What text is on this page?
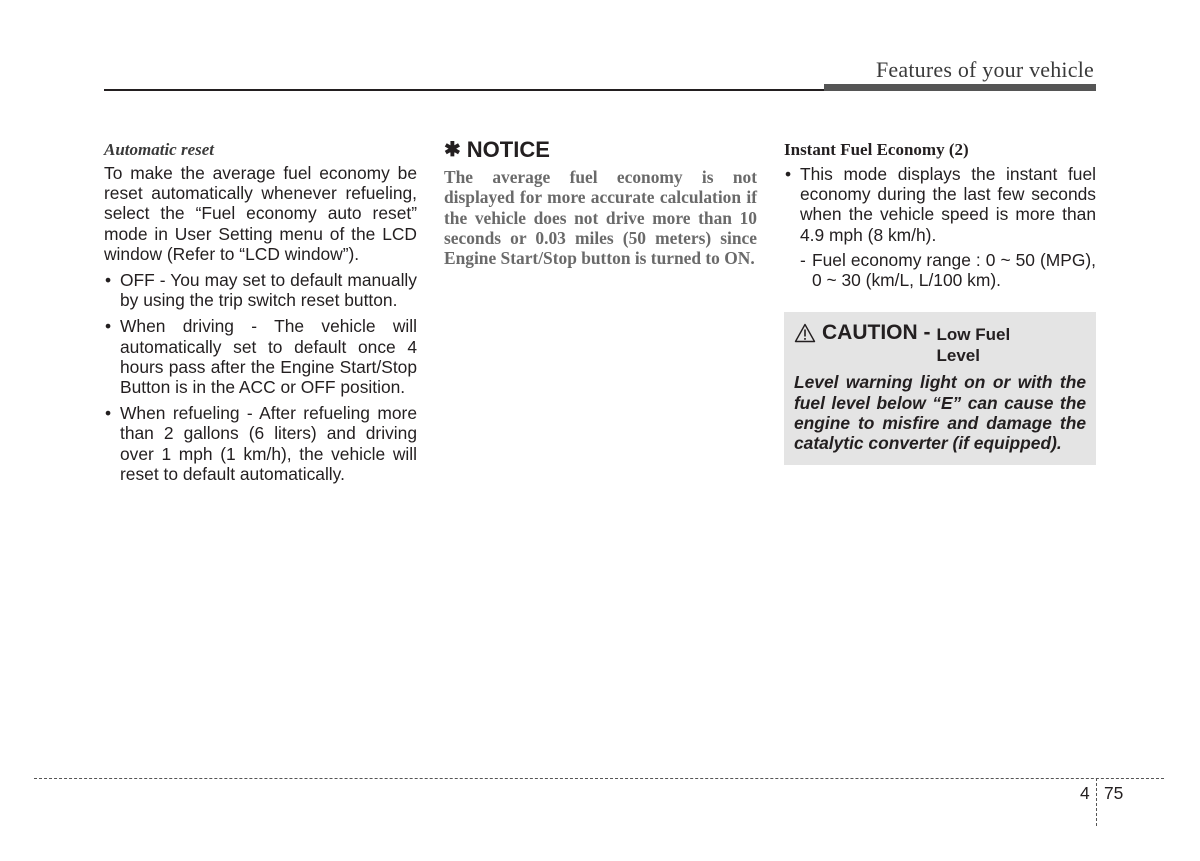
Features of your vehicle
Automatic reset

To make the average fuel economy be reset automatically whenever refueling, select the “Fuel economy auto reset” mode in User Setting menu of the LCD window (Refer to “LCD window”).

• OFF - You may set to default manually by using the trip switch reset button.
• When driving - The vehicle will automatically set to default once 4 hours pass after the Engine Start/Stop Button is in the ACC or OFF position.
• When refueling - After refueling more than 2 gallons (6 liters) and driving over 1 mph (1 km/h), the vehicle will reset to default automatically.
✱ NOTICE

The average fuel economy is not displayed for more accurate calculation if the vehicle does not drive more than 10 seconds or 0.03 miles (50 meters) since Engine Start/Stop button is turned to ON.

Instant Fuel Economy (2)
• This mode displays the instant fuel economy during the last few seconds when the vehicle speed is more than 4.9 mph (8 km/h).
- Fuel economy range : 0 ~ 50 (MPG), 0 ~ 30 (km/L, L/100 km).
CAUTION - Low Fuel Level
Level warning light on or with the fuel level below “E” can cause the engine to misfire and damage the catalytic converter (if equipped).
4 75
